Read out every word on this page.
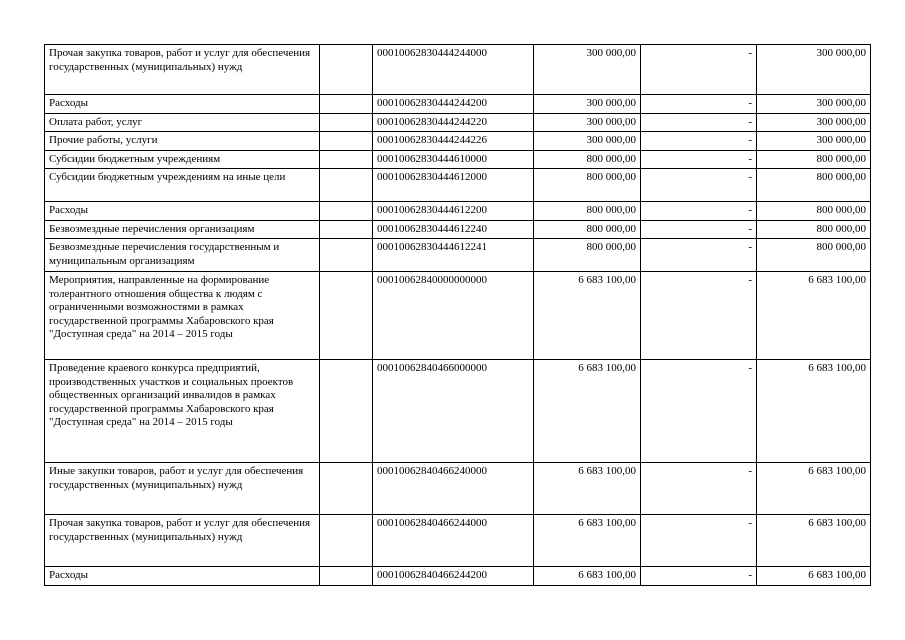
Прочая закупка товаров, работ и услуг для обеспечения государственных (муниципальных) нужд		00010062830444244000	300 000,00	-	300 000,00
Расходы		00010062830444244200	300 000,00	-	300 000,00
Оплата работ, услуг		00010062830444244220	300 000,00	-	300 000,00
Прочие работы, услуги		00010062830444244226	300 000,00	-	300 000,00
Субсидии бюджетным учреждениям		00010062830444610000	800 000,00	-	800 000,00
Субсидии бюджетным учреждениям на иные цели		00010062830444612000	800 000,00	-	800 000,00
Расходы		00010062830444612200	800 000,00	-	800 000,00
Безвозмездные перечисления организациям		00010062830444612240	800 000,00	-	800 000,00
Безвозмездные перечисления государственным и муниципальным организациям		00010062830444612241	800 000,00	-	800 000,00
Мероприятия, направленные на формирование толерантного отношения общества к людям с ограниченными возможностями в рамках государственной программы Хабаровского края "Доступная среда" на 2014 – 2015 годы		00010062840000000000	6 683 100,00	-	6 683 100,00
Проведение краевого конкурса предприятий, производственных участков и социальных проектов общественных организаций инвалидов в рамках государственной программы Хабаровского края "Доступная среда" на 2014 – 2015 годы		00010062840466000000	6 683 100,00	-	6 683 100,00
Иные закупки товаров, работ и услуг для обеспечения государственных (муниципальных) нужд		00010062840466240000	6 683 100,00	-	6 683 100,00
Прочая закупка товаров, работ и услуг для обеспечения государственных (муниципальных) нужд		00010062840466244000	6 683 100,00	-	6 683 100,00
Расходы		00010062840466244200	6 683 100,00	-	6 683 100,00
